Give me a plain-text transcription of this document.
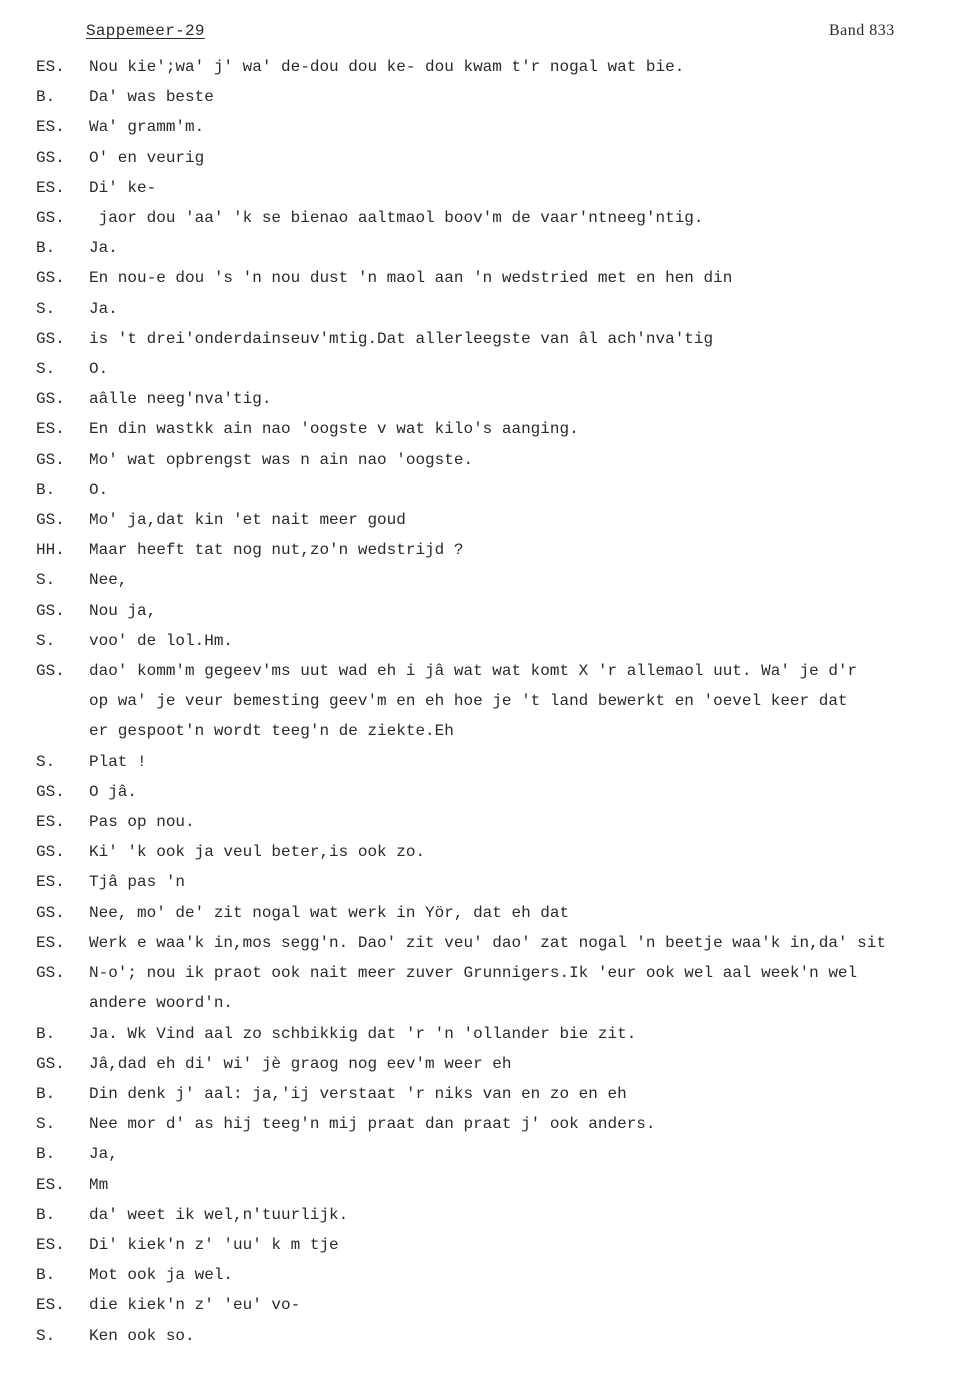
Sappemeer-29	Band 833
ES.	Nou kie';wa' j' wa' de-dou dou ke- dou kwam t'r nogal wat bie.
B.	Da' was beste
ES.	Wa' gramm'm.
GS.	O' en veurig
ES.	Di' ke-
GS.	jaor dou 'aa' 'k se bienao aaltmaol boov'm de vaar'ntneeg'ntig.
B.	Ja.
GS.	En nou-e dou 's 'n nou dust 'n maol aan 'n wedstried met en hen din
S.	Ja.
GS.	is 't drei'onderdainseuv'mtig.Dat allerleegste van âl ach'nva'tig
S.	O.
GS.	aâlle neeg'nva'tig.
ES.	En din wastkk ain nao 'oogste v wat kilo's aanging.
GS.	Mo' wat opbrengst was n ain nao 'oogste.
B.	O.
GS.	Mo' ja,dat kin 'et nait meer goud
HH.	Maar heeft tat nog nut,zo'n wedstrijd ?
S.	Nee,
GS.	Nou ja,
S.	voo' de lol.Hm.
GS.	dao' komm'm gegeev'ms uut wad eh i jâ wat wat komt X 'r allemaol uut. Wa' je d'r
op wa' je veur bemesting geev'm en eh hoe je 't land bewerkt en 'oevel keer dat
er gespoot'n wordt teeg'n de ziekte.Eh
S.	Plat !
GS.	O jâ.
ES.	Pas op nou.
GS.	Ki' 'k ook ja veul beter,is ook zo.
ES.	Tjâ pas 'n
GS.	Nee, mo' de' zit nogal wat werk in Yör, dat eh dat
ES.	Werk e waa'k in,mos segg'n. Dao' zit veu' dao' zat nogal 'n beetje waa'k in,da' sit
GS.	N-o'; nou ik praot ook nait meer zuver Grunnigers.Ik 'eur ook wel aal week'n wel
andere woord'n.
B.	Ja. Wk Vind aal zo schbikkig dat 'r 'n 'ollander bie zit.
GS.	Jâ,dad eh di' wi' jè graog nog eev'm weer eh
B.	Din denk j' aal: ja,'ij verstaat 'r niks van en zo en eh
S.	Nee mor d' as hij teeg'n mij praat dan praat j' ook anders.
B.	Ja,
ES.	Mm
B.	da' weet ik wel,n'tuurlijk.
ES.	Di' kiek'n z' 'uu' k m tje
B.	Mot ook ja wel.
ES.	die kiek'n z' 'eu' vo-
S.	Ken ook so.
